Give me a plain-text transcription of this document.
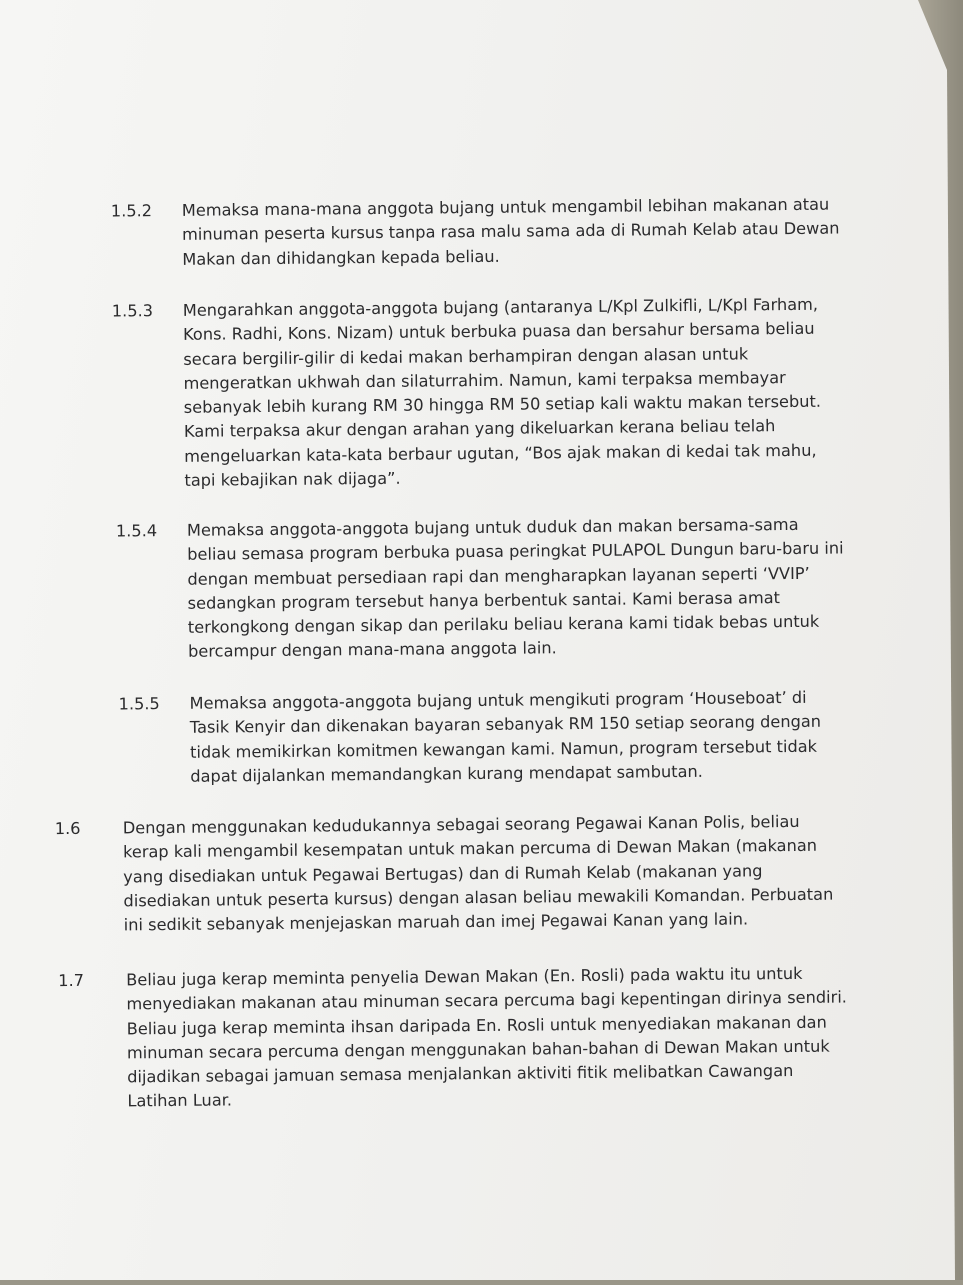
1.5.2 Memaksa mana-mana anggota bujang untuk mengambil lebihan makanan atau
minuman peserta kursus tanpa rasa malu sama ada di Rumah Kelab atau Dewan
Makan dan dihidangkan kepada beliau.
1.5.3 Mengarahkan anggota-anggota bujang (antaranya L/Kpl Zulkifli, L/Kpl Farham,
Kons. Radhi, Kons. Nizam) untuk berbuka puasa dan bersahur bersama beliau
secara bergilir-gilir di kedai makan berhampiran dengan alasan untuk
mengeratkan ukhwah dan silaturrahim. Namun, kami terpaksa membayar
sebanyak lebih kurang RM 30 hingga RM 50 setiap kali waktu makan tersebut.
Kami terpaksa akur dengan arahan yang dikeluarkan kerana beliau telah
mengeluarkan kata-kata berbaur ugutan, “Bos ajak makan di kedai tak mahu,
tapi kebajikan nak dijaga”.
1.5.4 Memaksa anggota-anggota bujang untuk duduk dan makan bersama-sama
beliau semasa program berbuka puasa peringkat PULAPOL Dungun baru-baru ini
dengan membuat persediaan rapi dan mengharapkan layanan seperti ‘VVIP’
sedangkan program tersebut hanya berbentuk santai. Kami berasa amat
terkongkong dengan sikap dan perilaku beliau kerana kami tidak bebas untuk
bercampur dengan mana-mana anggota lain.
1.5.5 Memaksa anggota-anggota bujang untuk mengikuti program ‘Houseboat’ di
Tasik Kenyir dan dikenakan bayaran sebanyak RM 150 setiap seorang dengan
tidak memikirkan komitmen kewangan kami. Namun, program tersebut tidak
dapat dijalankan memandangkan kurang mendapat sambutan.
1.6	Dengan menggunakan kedudukannya sebagai seorang Pegawai Kanan Polis, beliau
kerap kali mengambil kesempatan untuk makan percuma di Dewan Makan (makanan
yang disediakan untuk Pegawai Bertugas) dan di Rumah Kelab (makanan yang
disediakan untuk peserta kursus) dengan alasan beliau mewakili Komandan. Perbuatan
ini sedikit sebanyak menjejaskan maruah dan imej Pegawai Kanan yang lain.
1.7	Beliau juga kerap meminta penyelia Dewan Makan (En. Rosli) pada waktu itu untuk
menyediakan makanan atau minuman secara percuma bagi kepentingan dirinya sendiri.
Beliau juga kerap meminta ihsan daripada En. Rosli untuk menyediakan makanan dan
minuman secara percuma dengan menggunakan bahan-bahan di Dewan Makan untuk
dijadikan sebagai jamuan semasa menjalankan aktiviti fitik melibatkan Cawangan
Latihan Luar.
